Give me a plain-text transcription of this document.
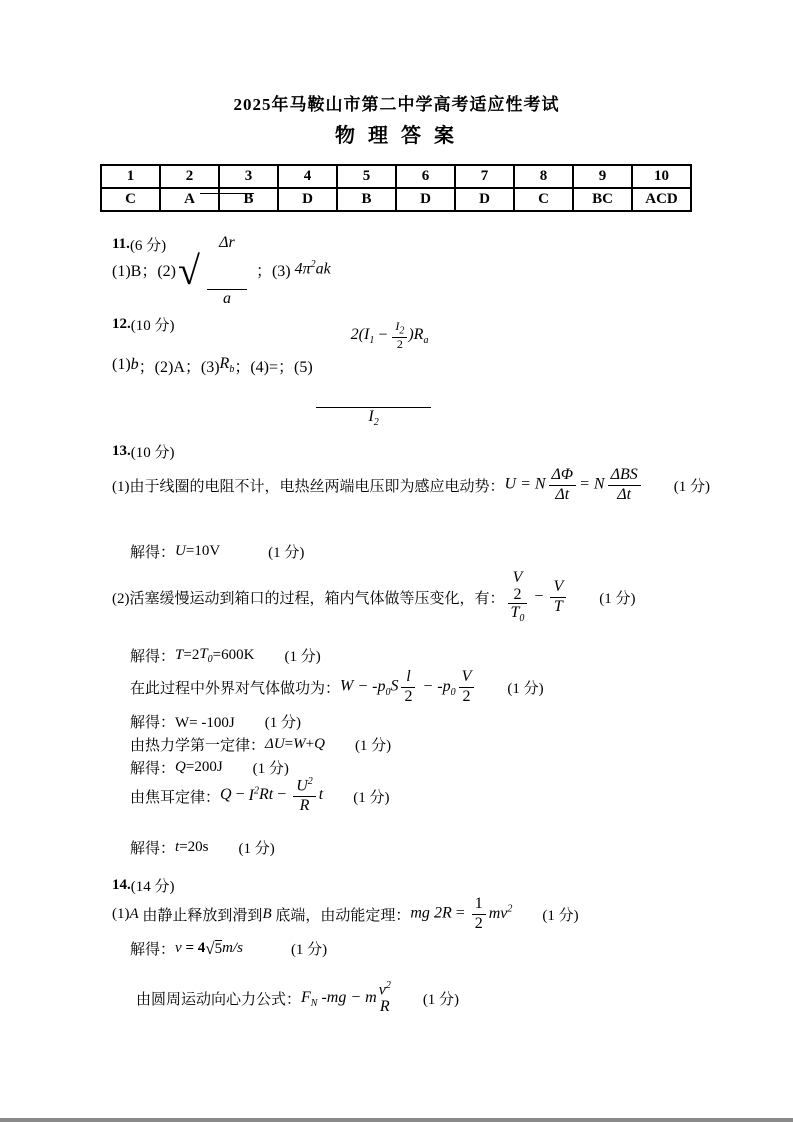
2025年马鞍山市第二中学高考适应性考试
物 理 答 案
1	2	3	4	5	6	7	8	9	10
C	A	B	D	B	D	D	C	BC	ACD
11. (6 分)
(1)B；(2) √

$\frac{\Delta r}{a}$

；(3) $4\pi^2ak$
12. (10 分)
(1) b ；(2)A；(3) $R_b$ ；(4)=；(5)

$\frac{2(I_1 - \frac{I_2}{2} )R_a}{I_2}$

13. (10 分)
(1)由于线圈的电阻不计，电热丝两端电压即为感应电动势： U = N $\frac{\Delta\Phi}{\Delta t} = N \frac{\text{ΔBS}}{\Delta t} (1$ 分)
解得： U =10V	(1 分)
(2)活塞缓慢运动到箱口的过程，箱内气体做等压变化，有： V
2
$T_0 - \frac{V}{T} (1$ 分)
解得： T =2 $T_0 =600K$ (1 分)
在此过程中外界对气体做功为： $W - -p_0S \frac{l}{2} - -p_0 \frac{V}{2} (1$ 分)
解得：W= -100J (1 分)
由热力学第一定律： ΔU = W + Q (1 分)
解得： Q =200J (1 分)
由焦耳定律： $Q - I^2Rt - \frac{U^2}{R}$ t (1 分)
解得： t =20s (1 分)
14. (14 分)
(1) A 由静止释放到滑到 B 底端，由动能定理： mg $2R = \frac{1}{2} mv^2$ (1 分)
解得： v = 4 √ 5 m/s	(1 分)
由圆周运动向心力公式： $F_N$ -mg − m $v^2$
R (1 分)
